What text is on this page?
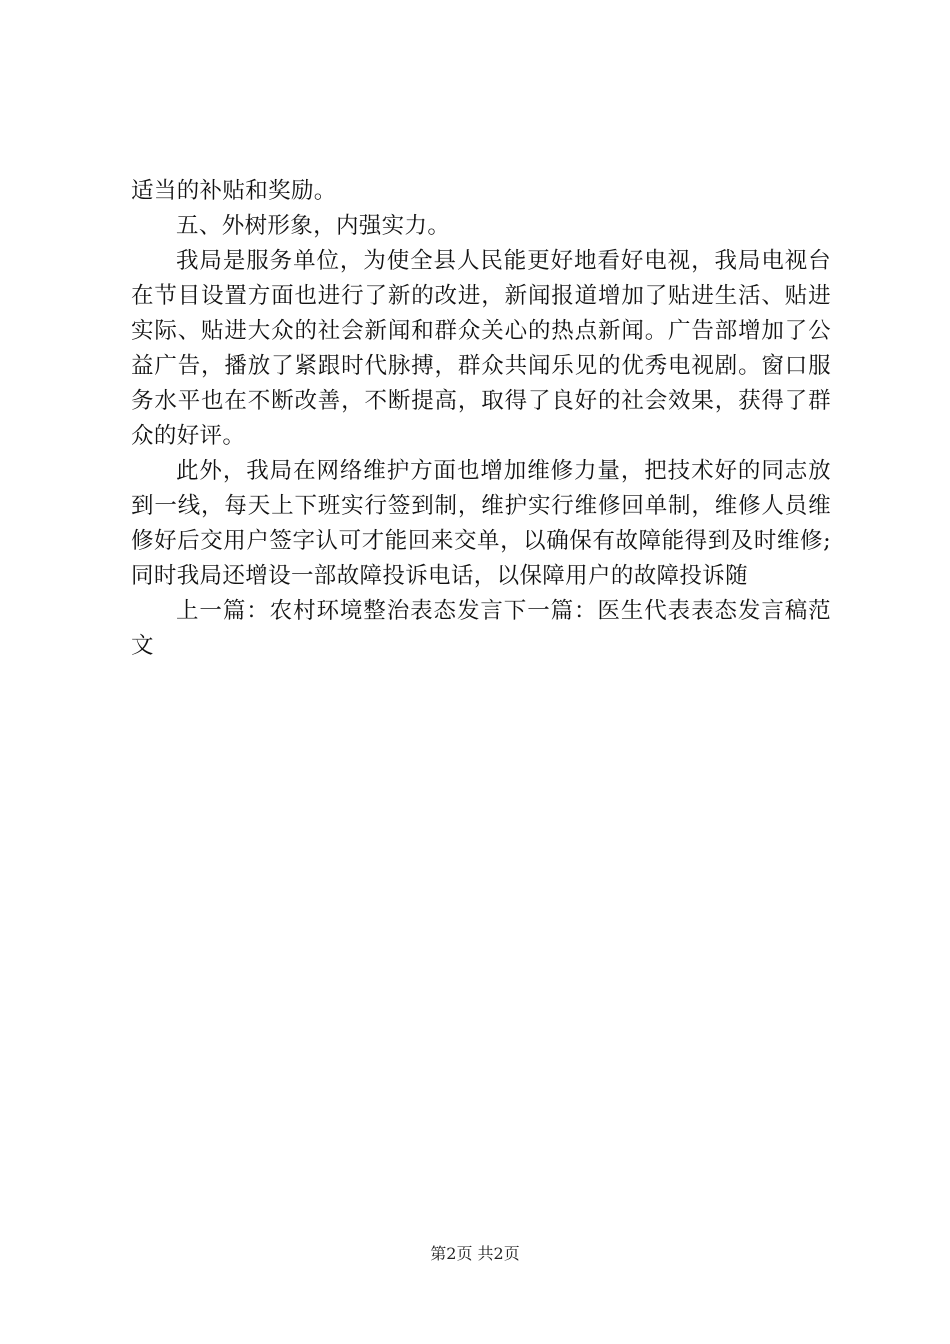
适当的补贴和奖励。

五、外树形象，内强实力。

我局是服务单位，为使全县人民能更好地看好电视，我局电视台在节目设置方面也进行了新的改进，新闻报道增加了贴进生活、贴进实际、贴进大众的社会新闻和群众关心的热点新闻。广告部增加了公益广告，播放了紧跟时代脉搏，群众共闻乐见的优秀电视剧。窗口服务水平也在不断改善，不断提高，取得了良好的社会效果，获得了群众的好评。

此外，我局在网络维护方面也增加维修力量，把技术好的同志放到一线，每天上下班实行签到制，维护实行维修回单制，维修人员维修好后交用户签字认可才能回来交单，以确保有故障能得到及时维修;同时我局还增设一部故障投诉电话，以保障用户的故障投诉随

上一篇：农村环境整治表态发言下一篇：医生代表表态发言稿范文

第2页 共2页
